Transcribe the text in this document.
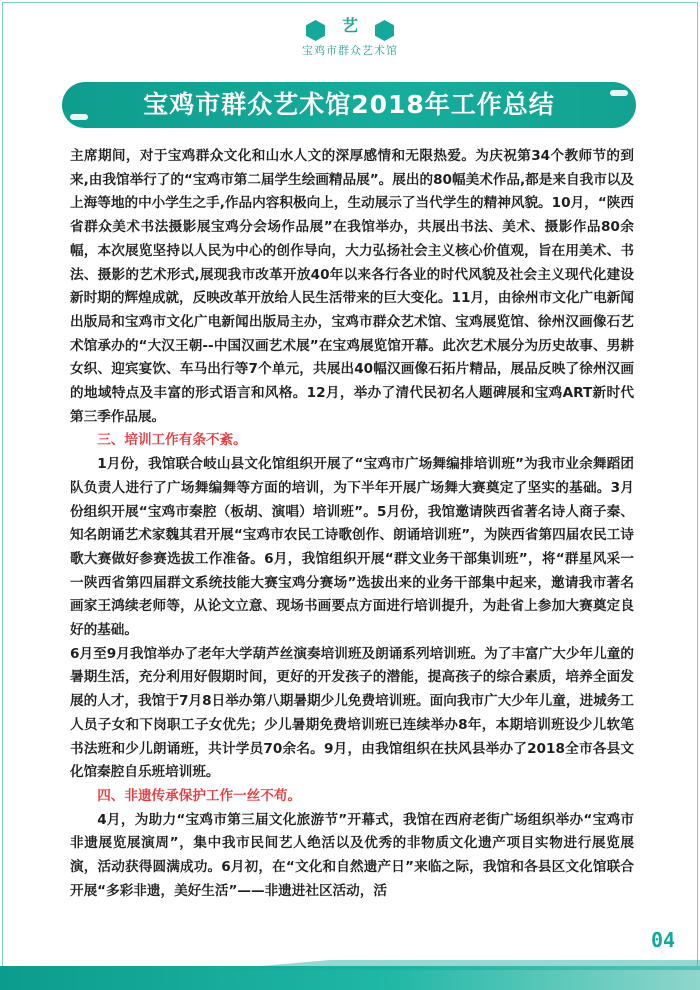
艺
宝鸡市群众艺术馆
宝鸡市群众艺术馆2018年工作总结

主席期间，对于宝鸡群众文化和山水人文的深厚感情和无限热爱。为庆祝第34个教师节的到来,由我馆举行了的“宝鸡市第二届学生绘画精品展”。展出的80幅美术作品,都是来自我市以及上海等地的中小学生之手,作品内容积极向上，生动展示了当代学生的精神风貌。10月，“陕西省群众美术书法摄影展宝鸡分会场作品展”在我馆举办，共展出书法、美术、摄影作品80余幅，本次展览坚持以人民为中心的创作导向，大力弘扬社会主义核心价值观，旨在用美术、书法、摄影的艺术形式,展现我市改革开放40年以来各行各业的时代风貌及社会主义现代化建设新时期的辉煌成就，反映改革开放给人民生活带来的巨大变化。11月，由徐州市文化广电新闻出版局和宝鸡市文化广电新闻出版局主办，宝鸡市群众艺术馆、宝鸡展览馆、徐州汉画像石艺术馆承办的“大汉王朝--中国汉画艺术展”在宝鸡展览馆开幕。此次艺术展分为历史故事、男耕女织、迎宾宴饮、车马出行等7个单元，共展出40幅汉画像石拓片精品，展品反映了徐州汉画的地域特点及丰富的形式语言和风格。12月，举办了清代民初名人题碑展和宝鸡ART新时代第三季作品展。

三、培训工作有条不紊。

1月份，我馆联合岐山县文化馆组织开展了“宝鸡市广场舞编排培训班”为我市业余舞蹈团队负责人进行了广场舞编舞等方面的培训，为下半年开展广场舞大赛奠定了坚实的基础。3月份组织开展“宝鸡市秦腔（板胡、演唱）培训班”。5月份，我馆邀请陕西省著名诗人商子秦、知名朗诵艺术家魏其君开展“宝鸡市农民工诗歌创作、朗诵培训班”，为陕西省第四届农民工诗歌大赛做好参赛选拔工作准备。6月，我馆组织开展“群文业务干部集训班”，将“群星风采一一陕西省第四届群文系统技能大赛宝鸡分赛场”选拔出来的业务干部集中起来，邀请我市著名画家王鸿续老师等，从论文立意、现场书画要点方面进行培训提升，为赴省上参加大赛奠定良好的基础。

6月至9月我馆举办了老年大学葫芦丝演奏培训班及朗诵系列培训班。为了丰富广大少年儿童的暑期生活，充分利用好假期时间，更好的开发孩子的潜能，提高孩子的综合素质，培养全面发展的人才，我馆于7月8日举办第八期暑期少儿免费培训班。面向我市广大少年儿童，进城务工人员子女和下岗职工子女优先；少儿暑期免费培训班已连续举办8年，本期培训班设少儿软笔书法班和少儿朗诵班，共计学员70余名。9月，由我馆组织在扶风县举办了2018全市各县文化馆秦腔自乐班培训班。

四、非遗传承保护工作一丝不苟。

4月，为助力“宝鸡市第三届文化旅游节”开幕式，我馆在西府老街广场组织举办“宝鸡市非遗展览展演周”，集中我市民间艺人绝活以及优秀的非物质文化遗产项目实物进行展览展演，活动获得圆满成功。6月初，在“文化和自然遗产日”来临之际，我馆和各县区文化馆联合开展“多彩非遗，美好生活”——非遗进社区活动，活

04
